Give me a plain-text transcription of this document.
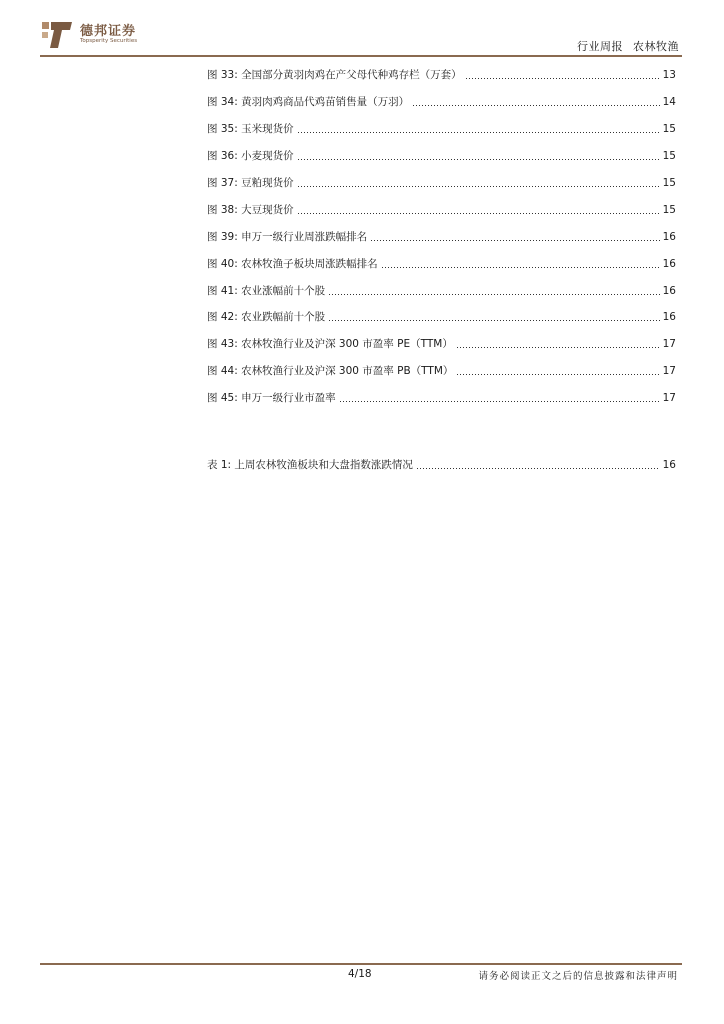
德邦证券
Topsperity Securities	行业周报 农林牧渔
图 33:
全国部分黄羽肉鸡在产父母代种鸡存栏（万套）	13
图 34:
黄羽肉鸡商品代鸡苗销售量（万羽）	14
图 35:
玉米现货价	15
图 36:
小麦现货价	15
图 37:
豆粕现货价	15
图 38:
大豆现货价	15
图 39:
申万一级行业周涨跌幅排名	16
图 40:
农林牧渔子板块周涨跌幅排名	16
图 41:
农业涨幅前十个股	16
图 42:
农业跌幅前十个股	16
图 43:
农林牧渔行业及沪深 300 市盈率 PE（TTM）	17
图 44:
农林牧渔行业及沪深 300 市盈率 PB（TTM）	17
图 45:
申万一级行业市盈率	17
表 1:
上周农林牧渔板块和大盘指数涨跌情况	16
4/18	请务必阅读正文之后的信息披露和法律声明
